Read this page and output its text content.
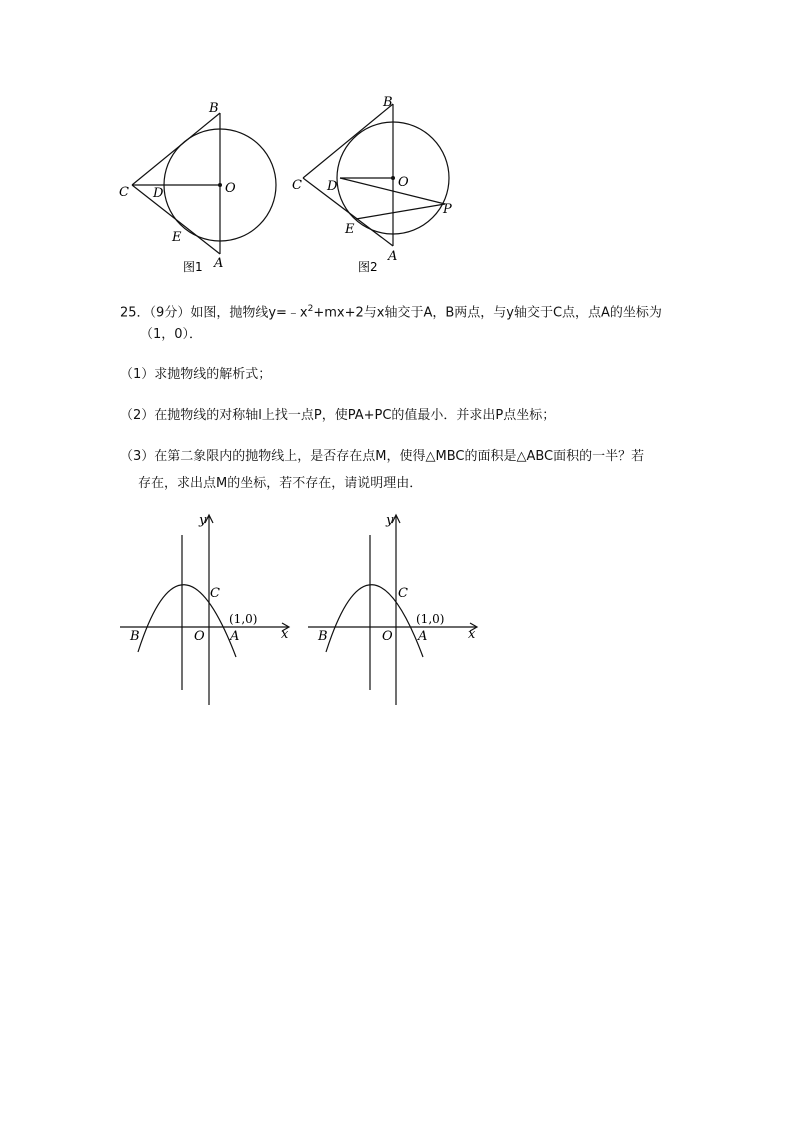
B
C D	O
E
A
图1
B
C D	O
P
E
A
图2
25．（9分）如图，抛物线$y=﹣x^2+mx+2$与x轴交于A，B两点，与y轴交于C点，点A的坐标为
（1，0）．
（1）求抛物线的解析式；
（2）在抛物线的对称轴l上找一点P，使PA+PC的值最小．并求出P点坐标；
（3）在第二象限内的抛物线上，是否存在点M，使得△MBC的面积是△ABC面积的一半？若
存在，求出点M的坐标，若不存在，请说明理由．
y
x
C
(1,0)
B	O A
y
x
C
(1,0)
B	O A
